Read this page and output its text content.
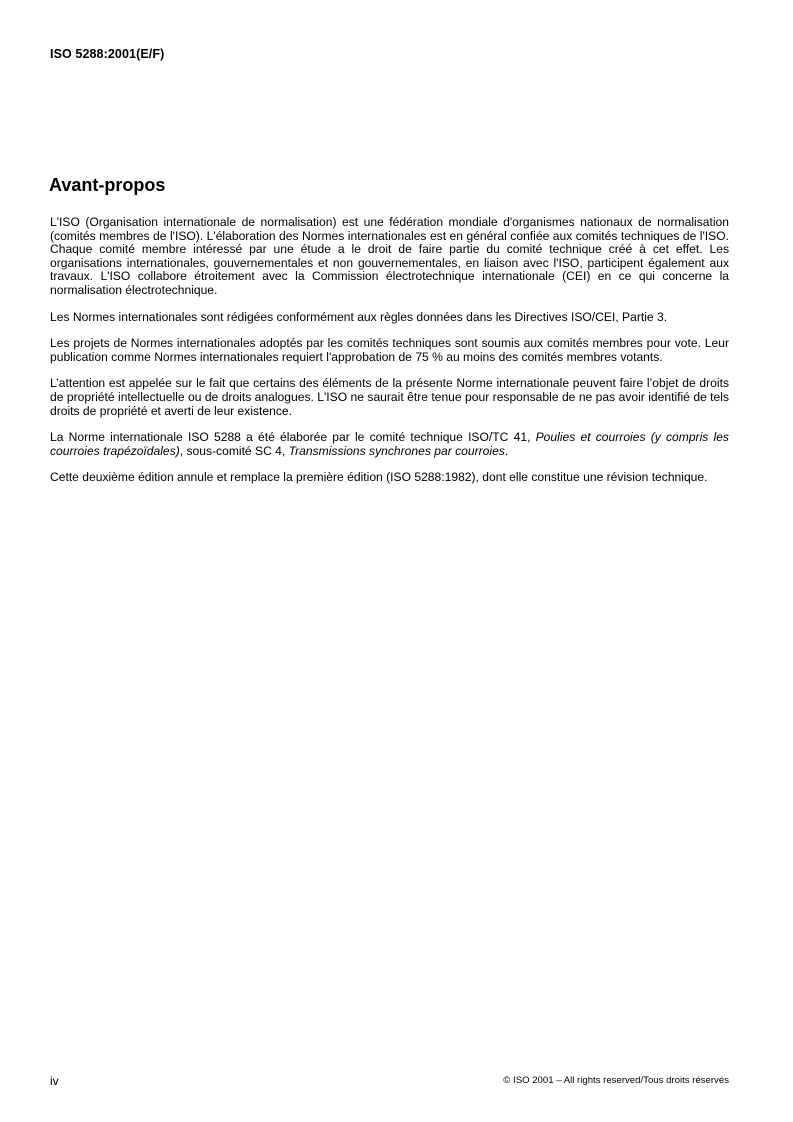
ISO 5288:2001(E/F)
Avant-propos

L'ISO (Organisation internationale de normalisation) est une fédération mondiale d'organismes nationaux de normalisation (comités membres de l'ISO). L'élaboration des Normes internationales est en général confiée aux comités techniques de l'ISO. Chaque comité membre intéressé par une étude a le droit de faire partie du comité technique créé à cet effet. Les organisations internationales, gouvernementales et non gouvernementales, en liaison avec l'ISO, participent également aux travaux. L'ISO collabore étroitement avec la Commission électrotechnique internationale (CEI) en ce qui concerne la normalisation électrotechnique.

Les Normes internationales sont rédigées conformément aux règles données dans les Directives ISO/CEI, Partie 3.

Les projets de Normes internationales adoptés par les comités techniques sont soumis aux comités membres pour vote. Leur publication comme Normes internationales requiert l'approbation de 75 % au moins des comités membres votants.

L’attention est appelée sur le fait que certains des éléments de la présente Norme internationale peuvent faire l’objet de droits de propriété intellectuelle ou de droits analogues. L'ISO ne saurait être tenue pour responsable de ne pas avoir identifié de tels droits de propriété et averti de leur existence.

La Norme internationale ISO 5288 a été élaborée par le comité technique ISO/TC 41, Poulies et courroies (y compris les courroies trapézoïdales), sous-comité SC 4, Transmissions synchrones par courroies.

Cette deuxième édition annule et remplace la première édition (ISO 5288:1982), dont elle constitue une révision technique.

iv	© ISO 2001 – All rights reserved/Tous droits réservés
